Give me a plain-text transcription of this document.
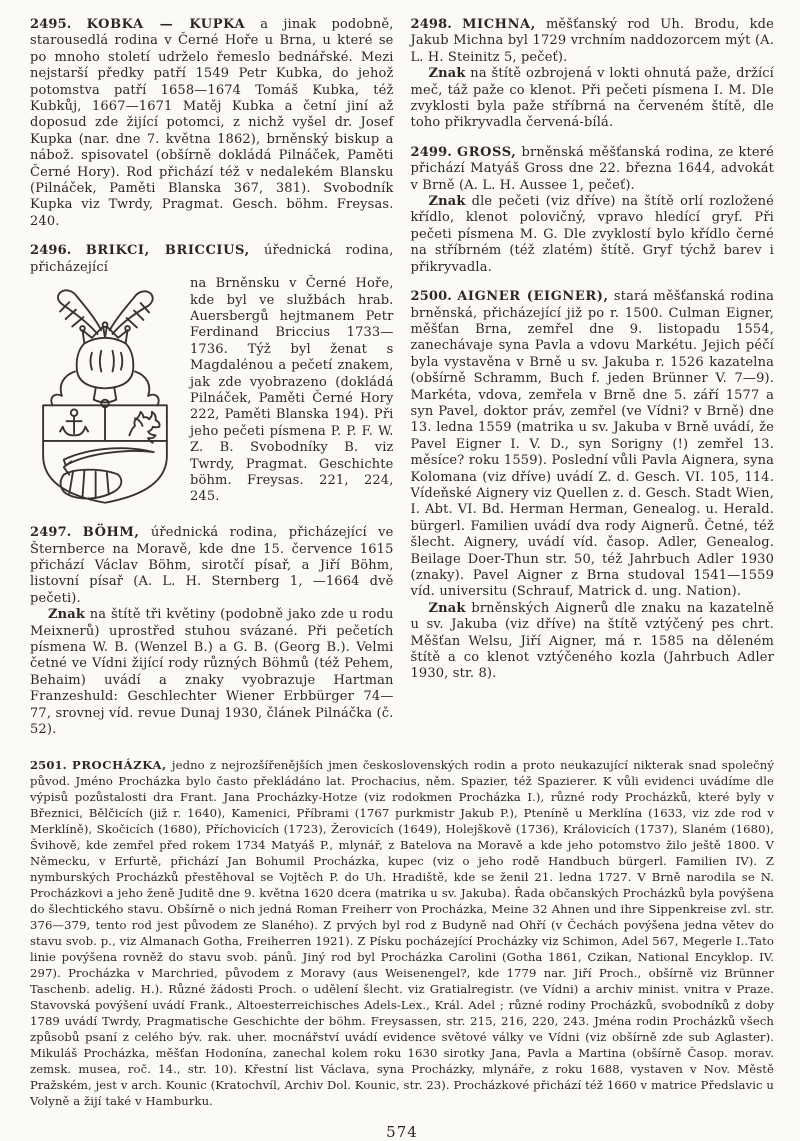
2495. KOBKA — KUPKA a jinak podobně, starousedlá rodina v Černé Hoře u Brna, u které se po mnoho století udrželo řemeslo bednářské. Mezi nejstarší předky patří 1549 Petr Kubka, do jehož potomstva patří 1658—1674 Tomáš Kubka, též Kubkůj, 1667—1671 Matěj Kubka a četní jiní až doposud zde žijící potomci, z nichž vyšel dr. Josef Kupka (nar. dne 7. května 1862), brněnský biskup a nábož. spisovatel (obšírně dokládá Pilnáček, Paměti Černé Hory). Rod přichází též v nedalekém Blansku (Pilnáček, Paměti Blanska 367, 381). Svobodník Kupka viz Twrdy, Pragmat. Gesch. böhm. Freysas. 240.

2496. BRIKCI, BRICCIUS, úřednická rodina, přicházející

na Brněnsku v Černé Hoře, kde byl ve službách hrab. Auersbergů hejtmanem Petr Ferdinand Briccius 1733—1736. Týž byl ženat s Magdalénou a pečetí znakem, jak zde vyobrazeno (dokládá Pilnáček, Paměti Černé Hory 222, Paměti Blanska 194). Při jeho pečeti písmena P. P. F. W. Z. B. Svobodníky B. viz Twrdy, Pragmat. Geschichte böhm. Freysas. 221, 224, 245.

2497. BÖHM, úřednická rodina, přicházející ve Šternberce na Moravě, kde dne 15. července 1615 přichází Václav Böhm, sirotčí písař, a Jiří Böhm, listovní písař (A. L. H. Sternberg 1, —1664 dvě pečeti).

Znak na štítě tři květiny (podobně jako zde u rodu Meixnerů) uprostřed stuhou svázané. Při pečetích písmena W. B. (Wenzel B.) a G. B. (Georg B.). Velmi četné ve Vídni žijící rody různých Böhmů (též Pehem, Behaim) uvádí a znaky vyobrazuje Hartman Franzeshuld: Geschlechter Wiener Erbbürger 74—77, srovnej víd. revue Dunaj 1930, článek Pilnáčka (č. 52).

2498. MICHNA, měšťanský rod Uh. Brodu, kde Jakub Michna byl 1729 vrchním naddozorcem mýt (A. L. H. Steinitz 5, pečeť).

Znak na štítě ozbrojená v lokti ohnutá paže, držící meč, táž paže co klenot. Při pečeti písmena I. M. Dle zvyklosti byla paže stříbrná na červeném štítě, dle toho přikryvadla červená-bílá.

2499. GROSS, brněnská měšťanská rodina, ze které přichází Matyáš Gross dne 22. března 1644, advokát v Brně (A. L. H. Aussee 1, pečeť).

Znak dle pečeti (viz dříve) na štítě orlí rozložené křídlo, klenot polovičný, vpravo hledící gryf. Při pečeti písmena M. G. Dle zvyklostí bylo křídlo černé na stříbrném (též zlatém) štítě. Gryf týchž barev i přikryvadla.

2500. AIGNER (EIGNER), stará měšťanská rodina brněnská, přicházející již po r. 1500. Culman Eigner, měšťan Brna, zemřel dne 9. listopadu 1554, zanechávaje syna Pavla a vdovu Markétu. Jejich péčí byla vystavěna v Brně u sv. Jakuba r. 1526 kazatelna (obšírně Schramm, Buch f. jeden Brünner V. 7—9). Markéta, vdova, zemřela v Brně dne 5. září 1577 a syn Pavel, doktor práv, zemřel (ve Vídni? v Brně) dne 13. ledna 1559 (matrika u sv. Jakuba v Brně uvádí, že Pavel Eigner I. V. D., syn Sorigny (!) zemřel 13. měsíce? roku 1559). Poslední vůli Pavla Aignera, syna Kolomana (viz dříve) uvádí Z. d. Gesch. VI. 105, 114. Vídeňské Aignery viz Quellen z. d. Gesch. Stadt Wien, I. Abt. VI. Bd. Herman Herman, Genealog. u. Herald. bürgerl. Familien uvádí dva rody Aignerů. Četné, též šlecht. Aignery, uvádí víd. časop. Adler, Genealog. Beilage Doer-Thun str. 50, též Jahrbuch Adler 1930 (znaky). Pavel Aigner z Brna studoval 1541—1559 víd. universitu (Schrauf, Matrick d. ung. Nation).

Znak brněnských Aignerů dle znaku na kazatelně u sv. Jakuba (viz dříve) na štítě vztýčený pes chrt. Měšťan Welsu, Jiří Aigner, má r. 1585 na děleném štítě a co klenot vztýčeného kozla (Jahrbuch Adler 1930, str. 8).

2501. PROCHÁZKA, jedno z nejrozšířenějších jmen československých rodin a proto neukazující nikterak snad společný původ. Jméno Procházka bylo často překládáno lat. Prochacius, něm. Spazier, též Spazierer. K vůli evidenci uvádíme dle výpisů pozůstalosti dra Frant. Jana Procházky-Hotze (viz rodokmen Procházka I.), různé rody Procházků, které byly v Březnici, Bělčicích (již r. 1640), Kamenici, Příbrami (1767 purkmistr Jakub P.), Pteníně u Merklína (1633, viz zde rod v Merklíně), Skočicích (1680), Příchovicích (1723), Žerovicích (1649), Holejškově (1736), Královicích (1737), Slaném (1680), Švihově, kde zemřel před rokem 1734 Matyáš P., mlynář, z Batelova na Moravě a kde jeho potomstvo žilo ještě 1800. V Německu, v Erfurtě, přichází Jan Bohumil Procházka, kupec (viz o jeho rodě Handbuch bürgerl. Familien IV). Z nymburských Procházků přestěhoval se Vojtěch P. do Uh. Hradiště, kde se ženil 21. ledna 1727. V Brně narodila se N. Procházkovi a jeho ženě Juditě dne 9. května 1620 dcera (matrika u sv. Jakuba). Řada občanských Procházků byla povýšena do šlechtického stavu. Obšírně o nich jedná Roman Freiherr von Procházka, Meine 32 Ahnen und ihre Sippenkreise zvl. str. 376—379, tento rod jest původem ze Slaného). Z prvých byl rod z Budyně nad Ohří (v Čechách povýšena jedna větev do stavu svob. p., viz Almanach Gotha, Freiherren 1921). Z Písku pocházející Procházky viz Schimon, Adel 567, Megerle I..Tato linie povýšena rovněž do stavu svob. pánů. Jiný rod byl Procházka Carolini (Gotha 1861, Czikan, National Encyklop. IV. 297). Procházka v Marchried, původem z Moravy (aus Weisenengel?, kde 1779 nar. Jiří Proch., obšírně viz Brünner Taschenb. adelig. H.). Různé žádosti Proch. o udělení šlecht. viz Gratialregistr. (ve Vídni) a archiv minist. vnitra v Praze. Stavovská povýšení uvádí Frank., Altoesterreichisches Adels-Lex., Král. Adel ; různé rodiny Procházků, svobodníků z doby 1789 uvádí Twrdy, Pragmatische Geschichte der böhm. Freysassen, str. 215, 216, 220, 243. Jména rodin Procházků všech způsobů psaní z celého býv. rak. uher. mocnářství uvádí evidence světové války ve Vídni (viz obšírně zde sub Aglaster). Mikuláš Procházka, měšťan Hodonína, zanechal kolem roku 1630 sirotky Jana, Pavla a Martina (obšírně Časop. morav. zemsk. musea, roč. 14., str. 10). Křestní list Václava, syna Procházky, mlynáře, z roku 1688, vystaven v Nov. Městě Pražském, jest v arch. Kounic (Kratochvíl, Archiv Dol. Kounic, str. 23). Procházkové přichází též 1660 v matrice Předslavic u Volyně a žijí také v Hamburku.

574
